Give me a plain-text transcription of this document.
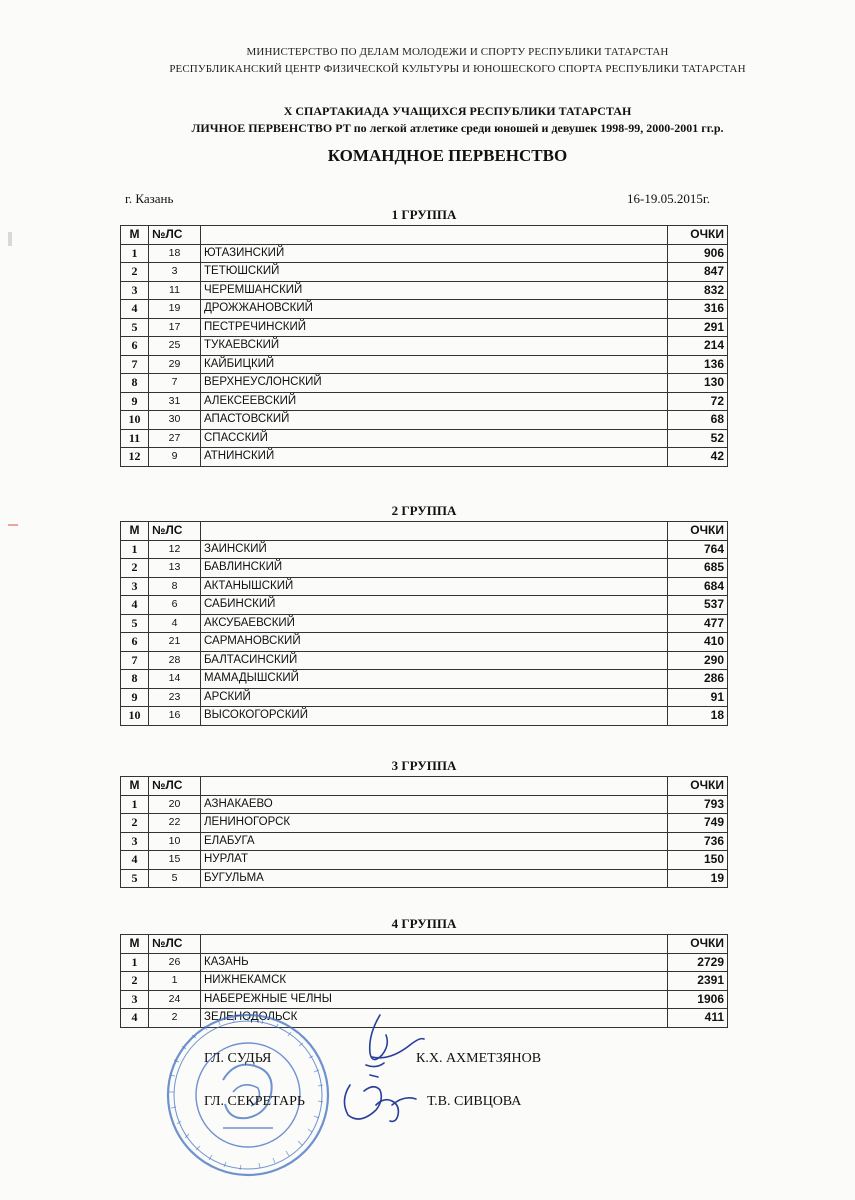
МИНИСТЕРСТВО ПО ДЕЛАМ МОЛОДЕЖИ И СПОРТУ РЕСПУБЛИКИ ТАТАРСТАН
РЕСПУБЛИКАНСКИЙ ЦЕНТР ФИЗИЧЕСКОЙ КУЛЬТУРЫ И ЮНОШЕСКОГО СПОРТА РЕСПУБЛИКИ ТАТАРСТАН
X СПАРТАКИАДА УЧАЩИХСЯ РЕСПУБЛИКИ ТАТАРСТАН
ЛИЧНОЕ ПЕРВЕНСТВО РТ по легкой атлетике среди юношей и девушек 1998-99, 2000-2001 гг.р.
КОМАНДНОЕ ПЕРВЕНСТВО
г. Казань	16-19.05.2015г.
1 ГРУППА
М	№ЛС		ОЧКИ
1	18	ЮТАЗИНСКИЙ	906
2	3	ТЕТЮШСКИЙ	847
3	11	ЧЕРЕМШАНСКИЙ	832
4	19	ДРОЖЖАНОВСКИЙ	316
5	17	ПЕСТРЕЧИНСКИЙ	291
6	25	ТУКАЕВСКИЙ	214
7	29	КАЙБИЦКИЙ	136
8	7	ВЕРХНЕУСЛОНСКИЙ	130
9	31	АЛЕКСЕЕВСКИЙ	72
10	30	АПАСТОВСКИЙ	68
11	27	СПАССКИЙ	52
12	9	АТНИНСКИЙ	42
2 ГРУППА
М	№ЛС		ОЧКИ
1	12	ЗАИНСКИЙ	764
2	13	БАВЛИНСКИЙ	685
3	8	АКТАНЫШСКИЙ	684
4	6	САБИНСКИЙ	537
5	4	АКСУБАЕВСКИЙ	477
6	21	САРМАНОВСКИЙ	410
7	28	БАЛТАСИНСКИЙ	290
8	14	МАМАДЫШСКИЙ	286
9	23	АРСКИЙ	91
10	16	ВЫСОКОГОРСКИЙ	18
3 ГРУППА
М	№ЛС		ОЧКИ
1	20	АЗНАКАЕВО	793
2	22	ЛЕНИНОГОРСК	749
3	10	ЕЛАБУГА	736
4	15	НУРЛАТ	150
5	5	БУГУЛЬМА	19
4 ГРУППА
М	№ЛС		ОЧКИ
1	26	КАЗАНЬ	2729
2	1	НИЖНЕКАМСК	2391
3	24	НАБЕРЕЖНЫЕ ЧЕЛНЫ	1906
4	2	ЗЕЛЕНОДОЛЬСК	411
ГЛ. СУДЬЯ	К.Х. АХМЕТЗЯНОВ
ГЛ. СЕКРЕТАРЬ	Т.В. СИВЦОВА
